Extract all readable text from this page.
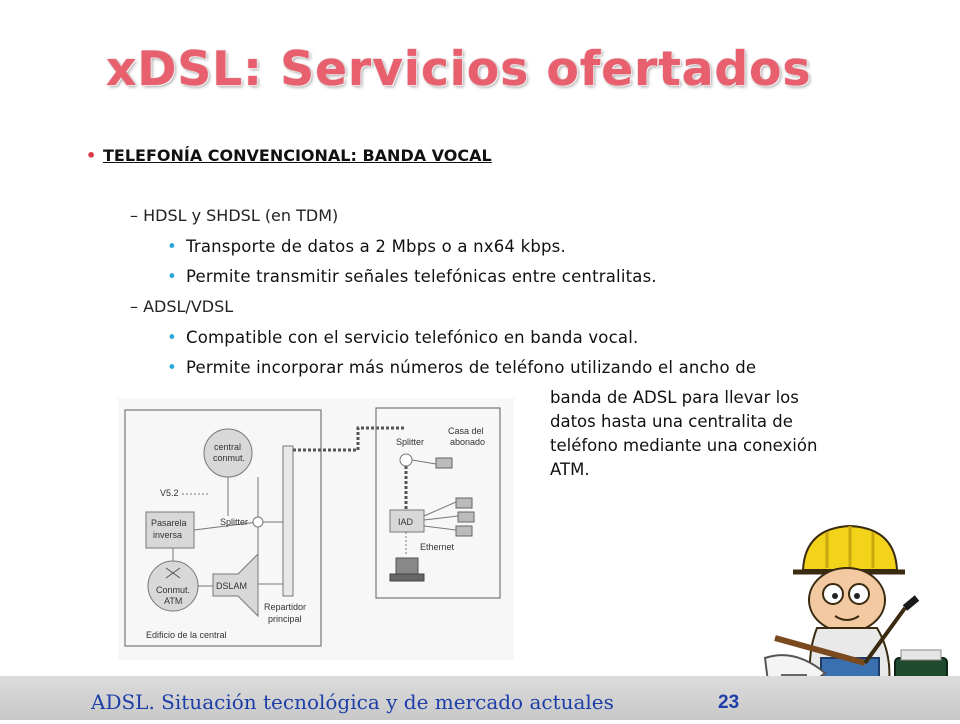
xDSL: Servicios ofertados
• TELEFONÍA CONVENCIONAL: BANDA VOCAL
– HDSL y SHDSL (en TDM)
• Transporte de datos a 2 Mbps o a nx64 kbps.
• Permite transmitir señales telefónicas entre centralitas.
– ADSL/VDSL
• Compatible con el servicio telefónico en banda vocal.
• Permite incorporar más números de teléfono utilizando el ancho de
banda de ADSL para llevar los
datos hasta una centralita de
teléfono mediante una conexión
ATM.
central
conmut.
V5.2
Pasarela
inversa
Splitter
Conmut.
ATM
DSLAM
Edificio de la central
Repartidor
principal
Casa del
abonado
Splitter
IAD
Ethernet
ADSL. Situación tecnológica y de mercado actuales	23
